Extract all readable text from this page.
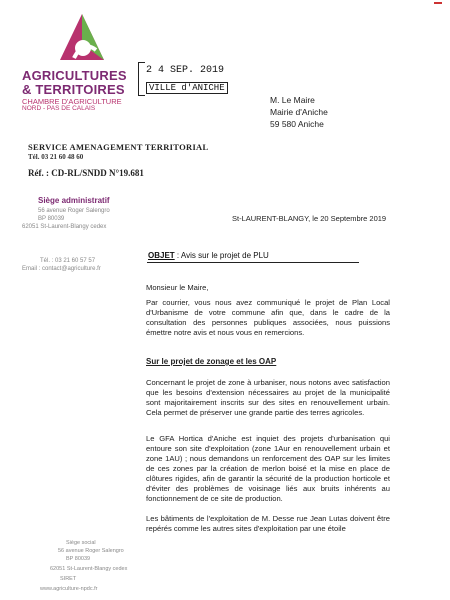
AGRICULTURES
& TERRITOIRES
CHAMBRE D'AGRICULTURE
NORD - PAS DE CALAIS
2 4 SEP. 2019
VILLE d'ANICHE
M. Le Maire
Mairie d'Aniche
59 580 Aniche
SERVICE AMENAGEMENT TERRITORIAL
Tél. 03 21 60 48 60
Réf. : CD-RL/SNDD N°19.681
Siège administratif
56 avenue Roger Salengro
BP 80039
62051 St-Laurent-Blangy cedex
Tél. : 03 21 60 57 57
Email : contact@agriculture.fr
St-LAURENT-BLANGY, le 20 Septembre 2019
OBJET : Avis sur le projet de PLU
Monsieur le Maire,
Par courrier, vous nous avez communiqué le projet de Plan Local d'Urbanisme de votre commune afin que, dans le cadre de la consultation des personnes publiques associées, nous puissions émettre notre avis et nous vous en remercions.
Sur le projet de zonage et les OAP
Concernant le projet de zone à urbaniser, nous notons avec satisfaction que les besoins d'extension nécessaires au projet de la municipalité sont majoritairement inscrits sur des sites en renouvellement urbain. Cela permet de préserver une grande partie des terres agricoles.
Le GFA Hortica d'Aniche est inquiet des projets d'urbanisation qui entoure son site d'exploitation (zone 1Aur en renouvellement urbain et zone 1AU) ; nous demandons un renforcement des OAP sur les limites de ces zones par la création de merlon boisé et la mise en place de clôtures rigides, afin de garantir la sécurité de la production horticole et d'éviter des problèmes de voisinage liés aux bruits inhérents au fonctionnement de ce site de production.
Les bâtiments de l'exploitation de M. Desse rue Jean Lutas doivent être repérés comme les autres sites d'exploitation par une étoile
Siège social
56 avenue Roger Salengro
BP 80039
62051 St-Laurent-Blangy cedex
SIRET
www.agriculture-npdc.fr
